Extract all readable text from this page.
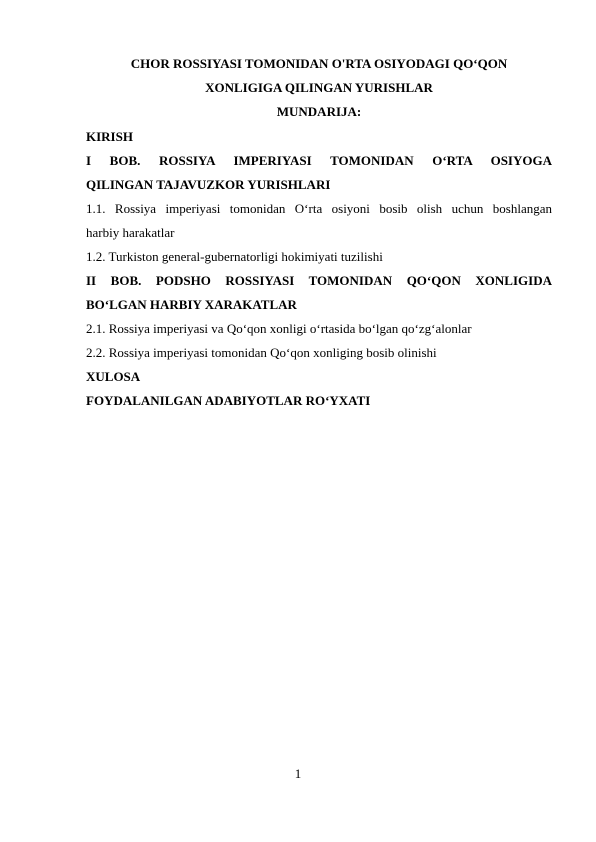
CHOR ROSSIYASI TOMONIDAN O'RTA OSIYODAGI QO‘QON

XONLIGIGA QILINGAN YURISHLAR

MUNDARIJA:

KIRISH
I BOB. ROSSIYA IMPERIYASI TOMONIDAN O‘RTA OSIYOGA
QILINGAN TAJAVUZKOR YURISHLARI
1.1. Rossiya imperiyasi tomonidan O‘rta osiyoni bosib olish uchun boshlangan
harbiy harakatlar
1.2. Turkiston general-gubernatorligi hokimiyati tuzilishi
II BOB. PODSHO ROSSIYASI TOMONIDAN QO‘QON XONLIGIDA
BO‘LGAN HARBIY XARAKATLAR
2.1. Rossiya imperiyasi va Qo‘qon xonligi o‘rtasida bo‘lgan qo‘zg‘alonlar
2.2. Rossiya imperiyasi tomonidan Qo‘qon xonliging bosib olinishi
XULOSA
FOYDALANILGAN ADABIYOTLAR RO‘YXATI
1
